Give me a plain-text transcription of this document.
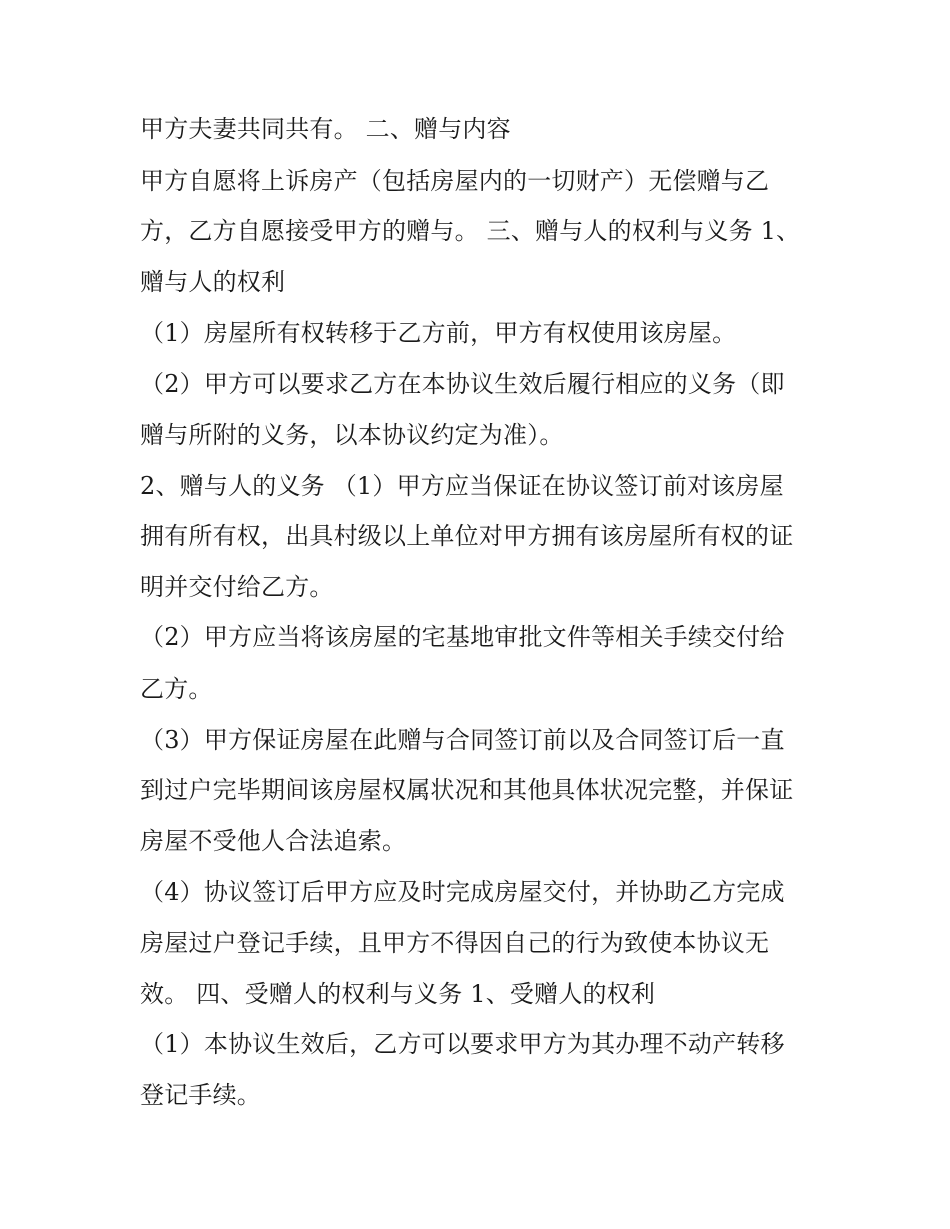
甲方夫妻共同共有。 二、赠与内容
甲方自愿将上诉房产（包括房屋内的一切财产）无偿赠与乙
方，乙方自愿接受甲方的赠与。 三、赠与人的权利与义务 1、
赠与人的权利
（1）房屋所有权转移于乙方前，甲方有权使用该房屋。
（2）甲方可以要求乙方在本协议生效后履行相应的义务（即
赠与所附的义务，以本协议约定为准）。
2、赠与人的义务 （1）甲方应当保证在协议签订前对该房屋
拥有所有权，出具村级以上单位对甲方拥有该房屋所有权的证
明并交付给乙方。
（2）甲方应当将该房屋的宅基地审批文件等相关手续交付给
乙方。
（3）甲方保证房屋在此赠与合同签订前以及合同签订后一直
到过户完毕期间该房屋权属状况和其他具体状况完整，并保证
房屋不受他人合法追索。
（4）协议签订后甲方应及时完成房屋交付，并协助乙方完成
房屋过户登记手续，且甲方不得因自己的行为致使本协议无
效。 四、受赠人的权利与义务 1、受赠人的权利
（1）本协议生效后，乙方可以要求甲方为其办理不动产转移
登记手续。
